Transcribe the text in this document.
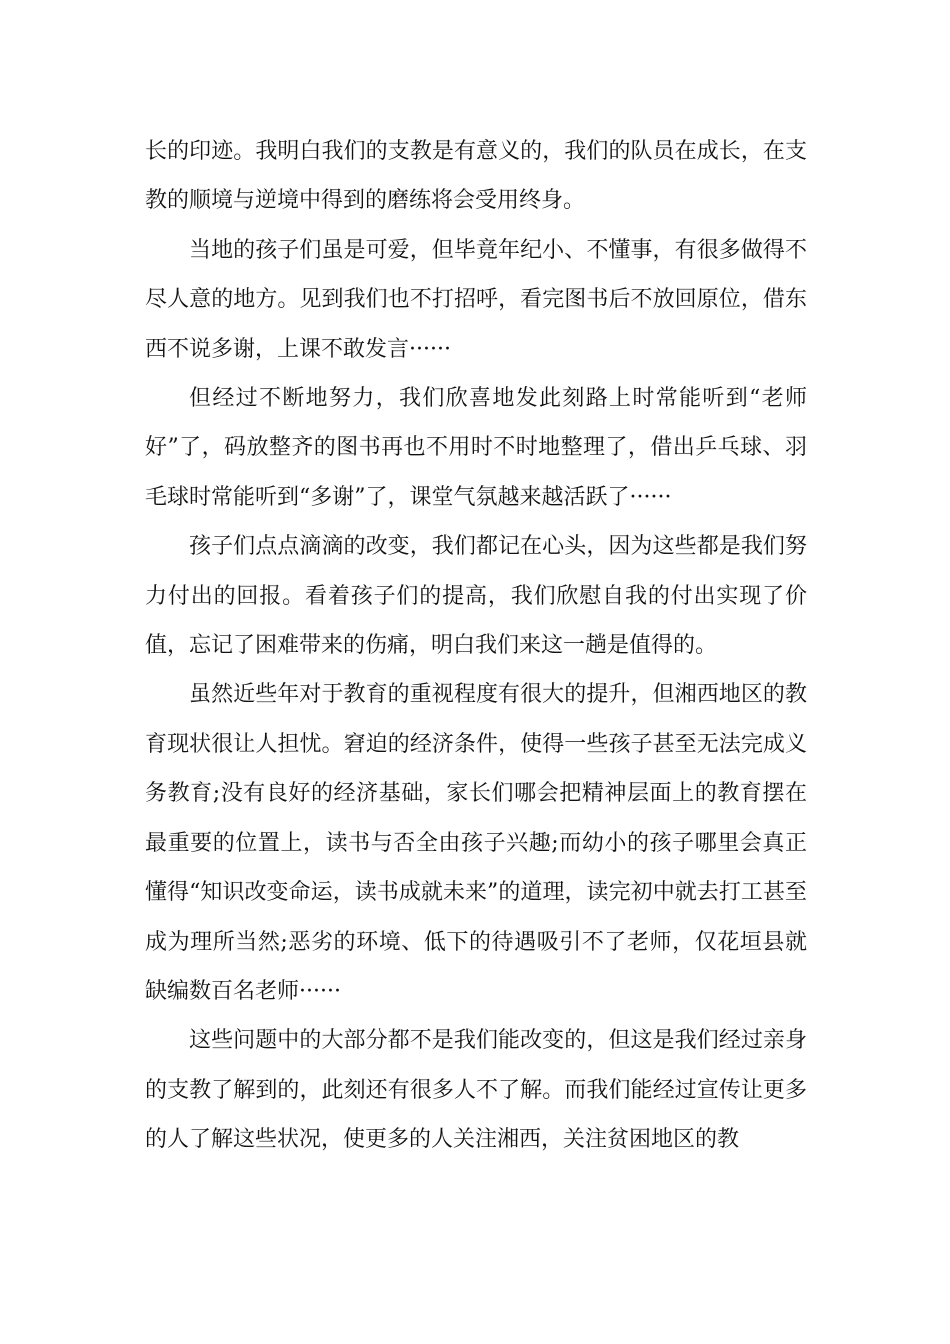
长的印迹。我明白我们的支教是有意义的，我们的队员在成长，在支教的顺境与逆境中得到的磨练将会受用终身。

当地的孩子们虽是可爱，但毕竟年纪小、不懂事，有很多做得不尽人意的地方。见到我们也不打招呼，看完图书后不放回原位，借东西不说多谢，上课不敢发言······

但经过不断地努力，我们欣喜地发此刻路上时常能听到“老师好”了，码放整齐的图书再也不用时不时地整理了，借出乒乓球、羽毛球时常能听到“多谢”了，课堂气氛越来越活跃了······

孩子们点点滴滴的改变，我们都记在心头，因为这些都是我们努力付出的回报。看着孩子们的提高，我们欣慰自我的付出实现了价值，忘记了困难带来的伤痛，明白我们来这一趟是值得的。

虽然近些年对于教育的重视程度有很大的提升，但湘西地区的教育现状很让人担忧。窘迫的经济条件，使得一些孩子甚至无法完成义务教育;没有良好的经济基础，家长们哪会把精神层面上的教育摆在最重要的位置上，读书与否全由孩子兴趣;而幼小的孩子哪里会真正懂得“知识改变命运，读书成就未来”的道理，读完初中就去打工甚至成为理所当然;恶劣的环境、低下的待遇吸引不了老师，仅花垣县就缺编数百名老师······

这些问题中的大部分都不是我们能改变的，但这是我们经过亲身的支教了解到的，此刻还有很多人不了解。而我们能经过宣传让更多的人了解这些状况，使更多的人关注湘西，关注贫困地区的教
